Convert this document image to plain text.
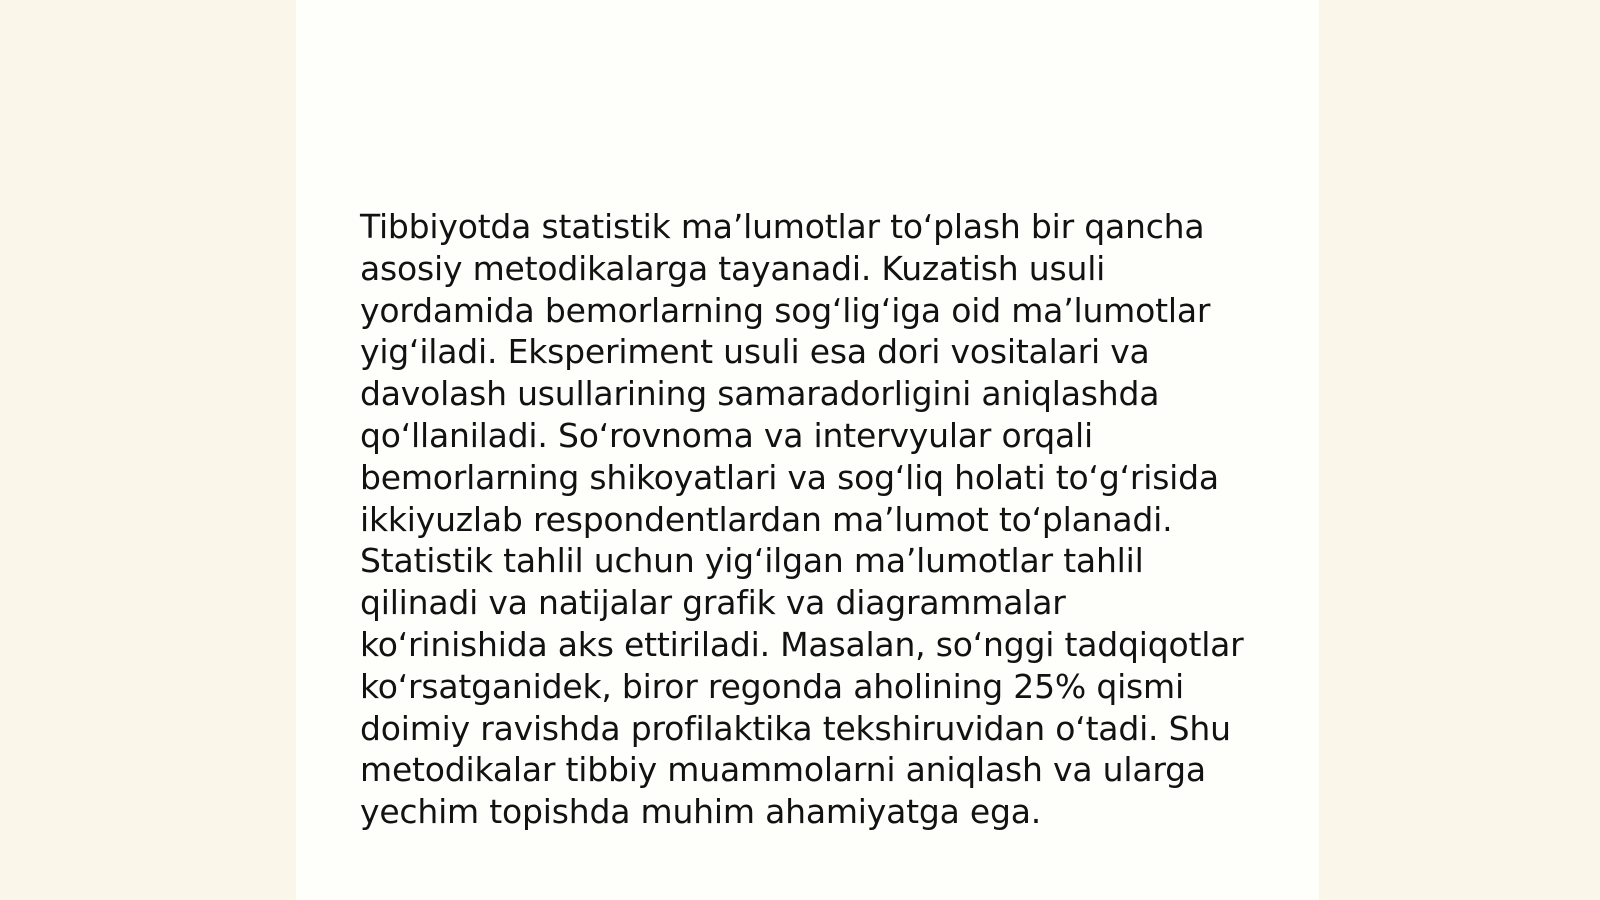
Tibbiyotda statistik ma’lumotlar to‘plash bir qancha
asosiy metodikalarga tayanadi. Kuzatish usuli
yordamida bemorlarning sog‘lig‘iga oid ma’lumotlar
yig‘iladi. Eksperiment usuli esa dori vositalari va
davolash usullarining samaradorligini aniqlashda
qo‘llaniladi. So‘rovnoma va intervyular orqali
bemorlarning shikoyatlari va sog‘liq holati to‘g‘risida
ikkiyuzlab respondentlardan ma’lumot to‘planadi.
Statistik tahlil uchun yig‘ilgan ma’lumotlar tahlil
qilinadi va natijalar grafik va diagrammalar
ko‘rinishida aks ettiriladi. Masalan, so‘nggi tadqiqotlar
ko‘rsatganidek, biror regonda aholining 25% qismi
doimiy ravishda profilaktika tekshiruvidan o‘tadi. Shu
metodikalar tibbiy muammolarni aniqlash va ularga
yechim topishda muhim ahamiyatga ega.
